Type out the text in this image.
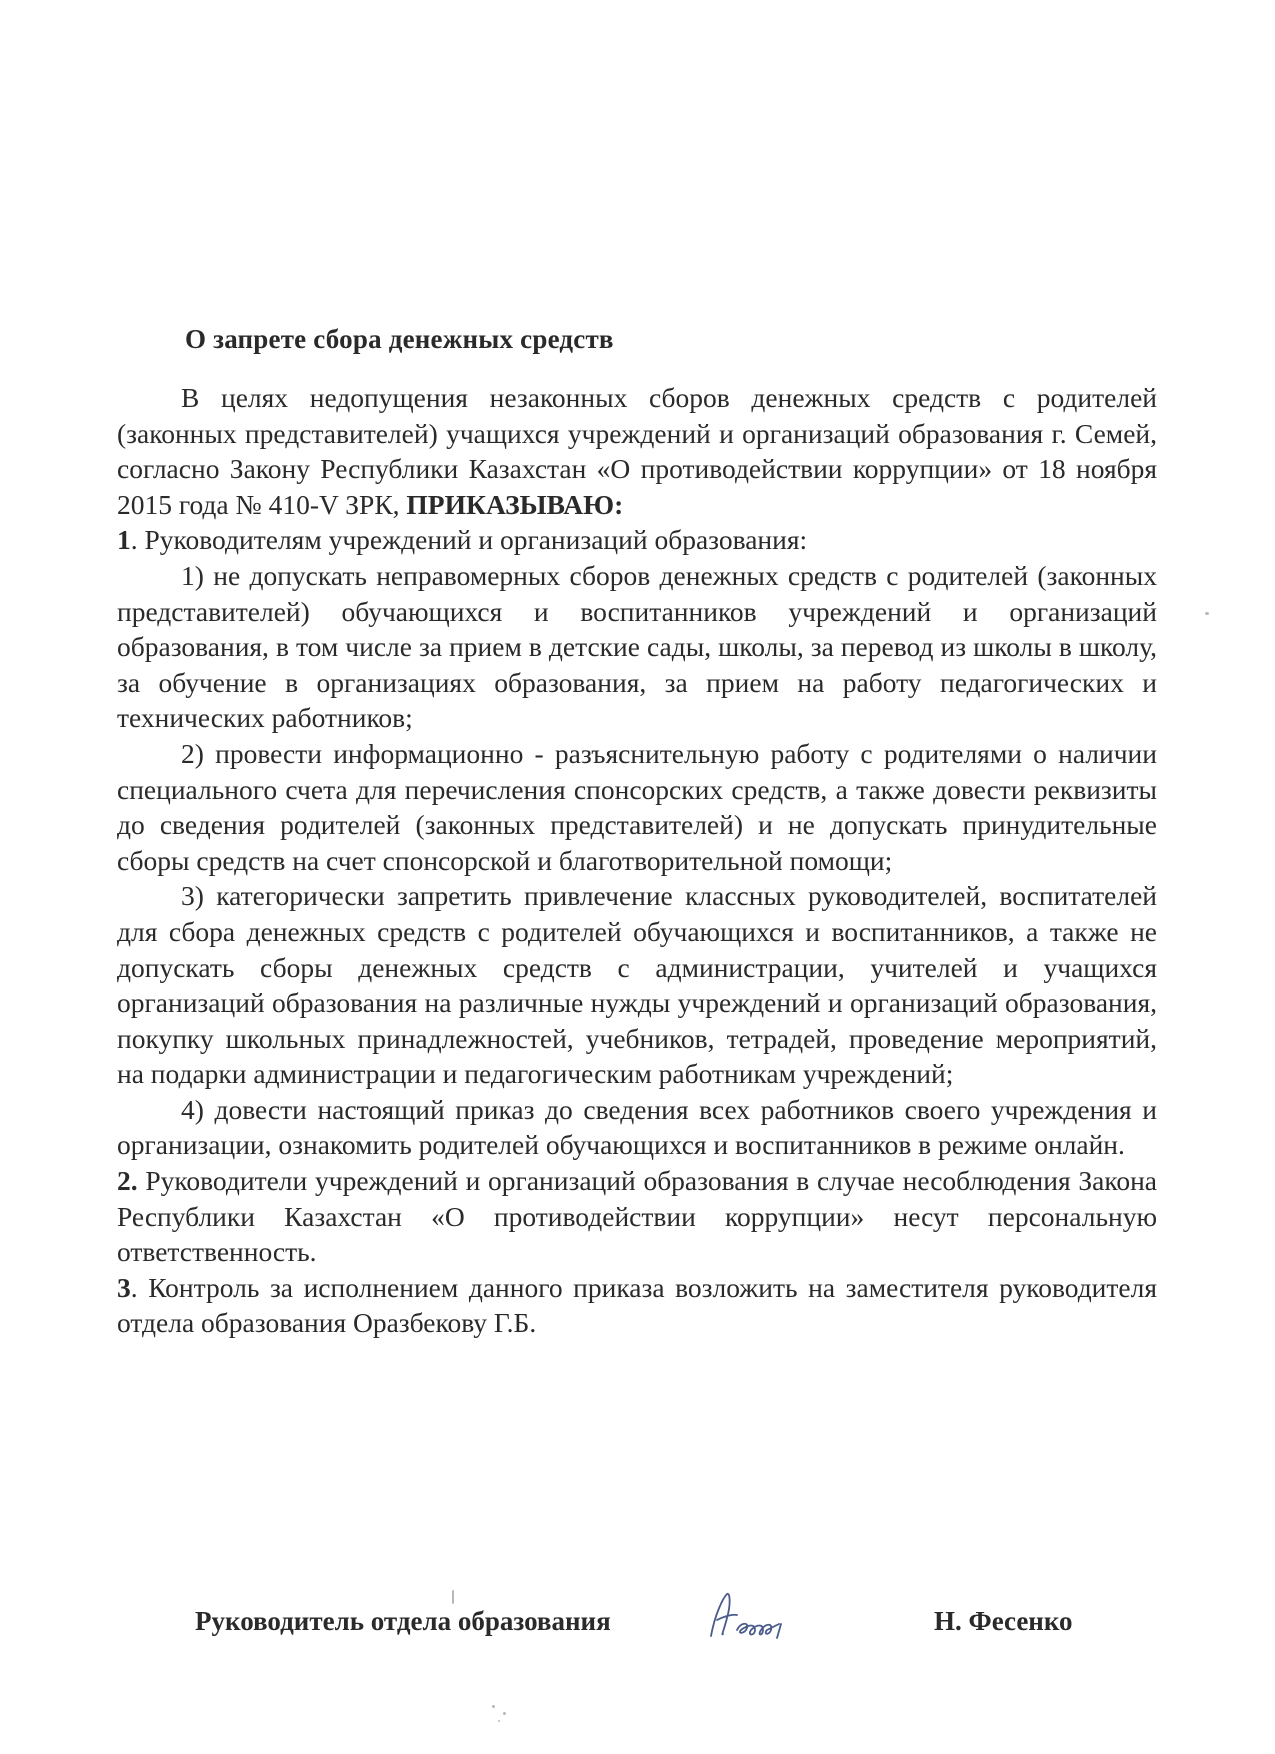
О запрете сбора денежных средств

В целях недопущения незаконных сборов денежных средств с родителей (законных представителей) учащихся учреждений и организаций образования г. Семей, согласно Закону Республики Казахстан «О противодействии коррупции» от 18 ноября 2015 года № 410-V ЗРК, ПРИКАЗЫВАЮ:

1. Руководителям учреждений и организаций образования:

1) не допускать неправомерных сборов денежных средств с родителей (законных представителей) обучающихся и воспитанников учреждений и организаций образования, в том числе за прием в детские сады, школы, за перевод из школы в школу, за обучение в организациях образования, за прием на работу педагогических и технических работников;

2) провести информационно - разъяснительную работу с родителями о наличии специального счета для перечисления спонсорских средств, а также довести реквизиты до сведения родителей (законных представителей) и не допускать принудительные сборы средств на счет спонсорской и благотворительной помощи;

3) категорически запретить привлечение классных руководителей, воспитателей для сбора денежных средств с родителей обучающихся и воспитанников, а также не допускать сборы денежных средств с администрации, учителей и учащихся организаций образования на различные нужды учреждений и организаций образования, покупку школьных принадлежностей, учебников, тетрадей, проведение мероприятий, на подарки администрации и педагогическим работникам учреждений;

4) довести настоящий приказ до сведения всех работников своего учреждения и организации, ознакомить родителей обучающихся и воспитанников в режиме онлайн.

2. Руководители учреждений и организаций образования в случае несоблюдения Закона Республики Казахстан «О противодействии коррупции» несут персональную ответственность.

3. Контроль за исполнением данного приказа возложить на заместителя руководителя отдела образования Оразбекову Г.Б.

Руководитель отдела образования	Н. Фесенко
